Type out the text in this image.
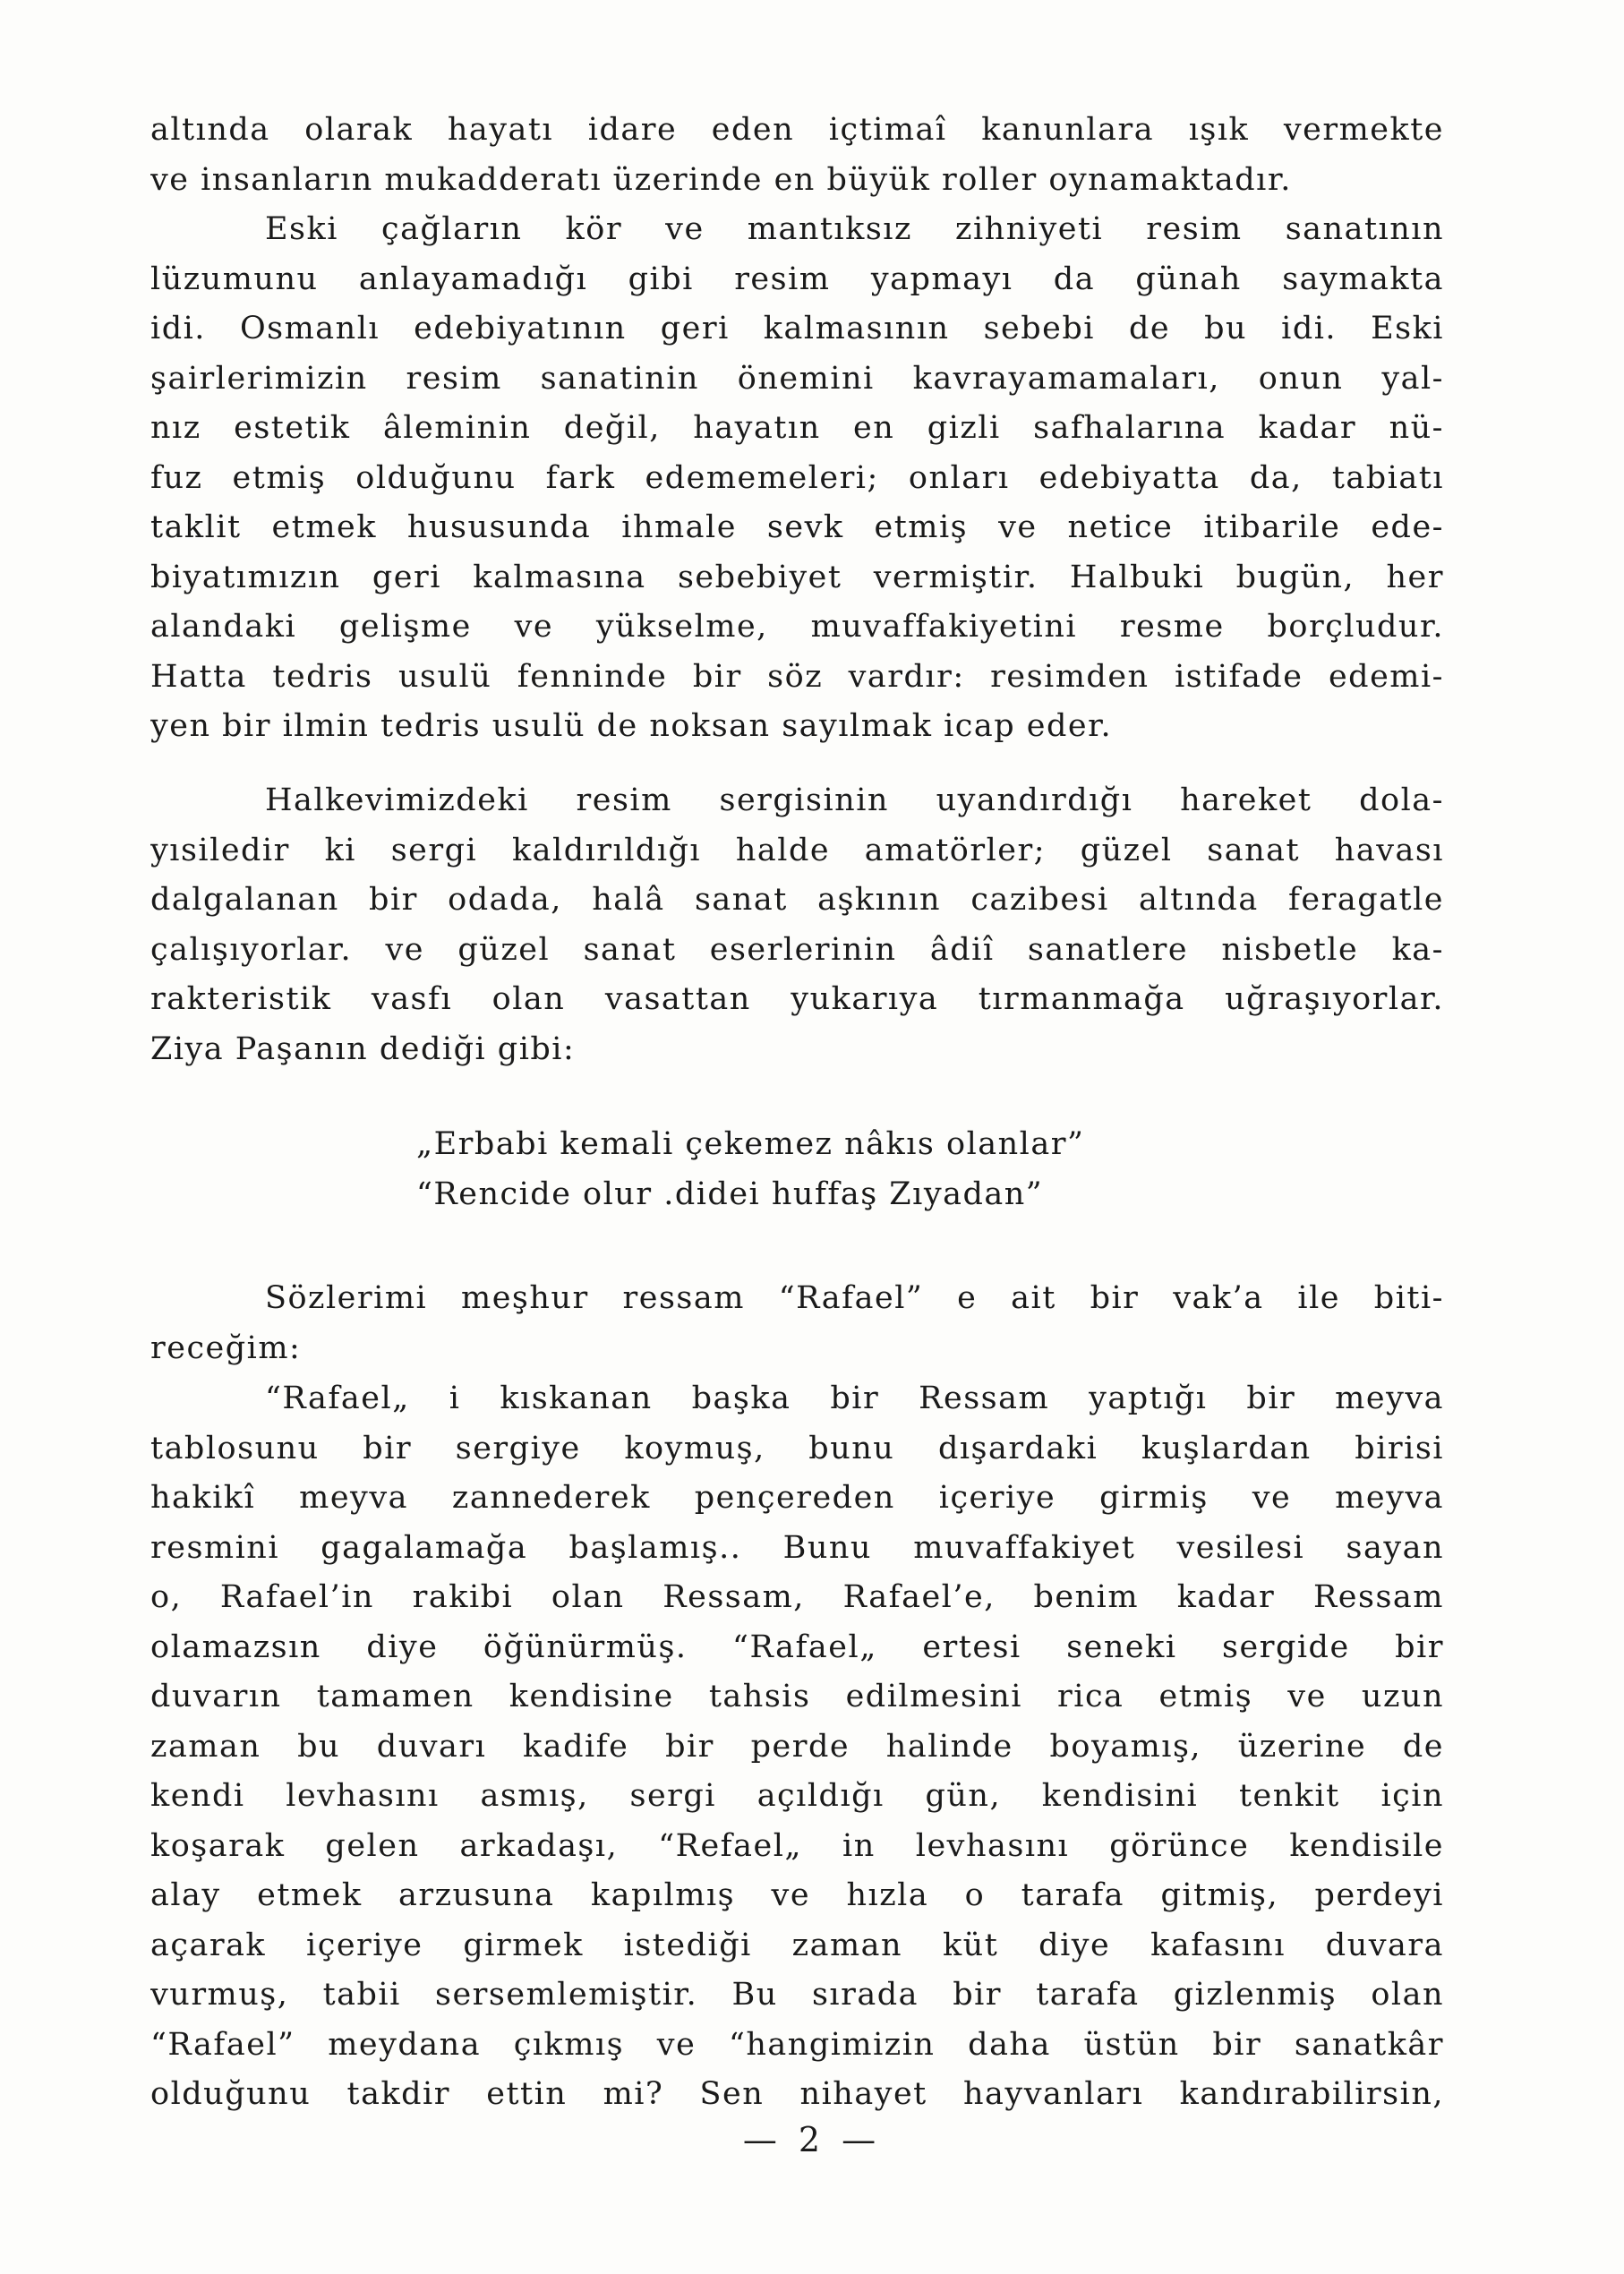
altında olarak hayatı idare eden içtimaî kanunlara ışık vermekte
ve insanların mukadderatı üzerinde en büyük roller oynamaktadır.
Eski çağların kör ve mantıksız zihniyeti resim sanatının
lüzumunu anlayamadığı gibi resim yapmayı da günah saymakta
idi. Osmanlı edebiyatının geri kalmasının sebebi de bu idi. Eski
şairlerimizin resim sanatinin önemini kavrayamamaları, onun yal-
nız estetik âleminin değil, hayatın en gizli safhalarına kadar nü-
fuz etmiş olduğunu fark edememeleri; onları edebiyatta da, tabiatı
taklit etmek hususunda ihmale sevk etmiş ve netice itibarile ede-
biyatımızın geri kalmasına sebebiyet vermiştir. Halbuki bugün, her
alandaki gelişme ve yükselme, muvaffakiyetini resme borçludur.
Hatta tedris usulü fenninde bir söz vardır: resimden istifade edemi-
yen bir ilmin tedris usulü de noksan sayılmak icap eder.
Halkevimizdeki resim sergisinin uyandırdığı hareket dola-
yısiledir ki sergi kaldırıldığı halde amatörler; güzel sanat havası
dalgalanan bir odada, halâ sanat aşkının cazibesi altında feragatle
çalışıyorlar. ve güzel sanat eserlerinin âdiî sanatlere nisbetle ka-
rakteristik vasfı olan vasattan yukarıya tırmanmağa uğraşıyorlar.
Ziya Paşanın dediği gibi:
„Erbabi kemali çekemez nâkıs olanlar”
“Rencide olur .didei huffaş Zıyadan”
Sözlerimi meşhur ressam “Rafael” e ait bir vak’a ile biti-
receğim:
“Rafael„ i kıskanan başka bir Ressam yaptığı bir meyva
tablosunu bir sergiye koymuş, bunu dışardaki kuşlardan birisi
hakikî meyva zannederek pençereden içeriye girmiş ve meyva
resmini gagalamağa başlamış.. Bunu muvaffakiyet vesilesi sayan
o, Rafael’in rakibi olan Ressam, Rafael’e, benim kadar Ressam
olamazsın diye öğünürmüş. “Rafael„ ertesi seneki sergide bir
duvarın tamamen kendisine tahsis edilmesini rica etmiş ve uzun
zaman bu duvarı kadife bir perde halinde boyamış, üzerine de
kendi levhasını asmış, sergi açıldığı gün, kendisini tenkit için
koşarak gelen arkadaşı, “Refael„ in levhasını görünce kendisile
alay etmek arzusuna kapılmış ve hızla o tarafa gitmiş, perdeyi
açarak içeriye girmek istediği zaman küt diye kafasını duvara
vurmuş, tabii sersemlemiştir. Bu sırada bir tarafa gizlenmiş olan
“Rafael” meydana çıkmış ve “hangimizin daha üstün bir sanatkâr
olduğunu takdir ettin mi? Sen nihayet hayvanları kandırabilirsin,
— 2 —
